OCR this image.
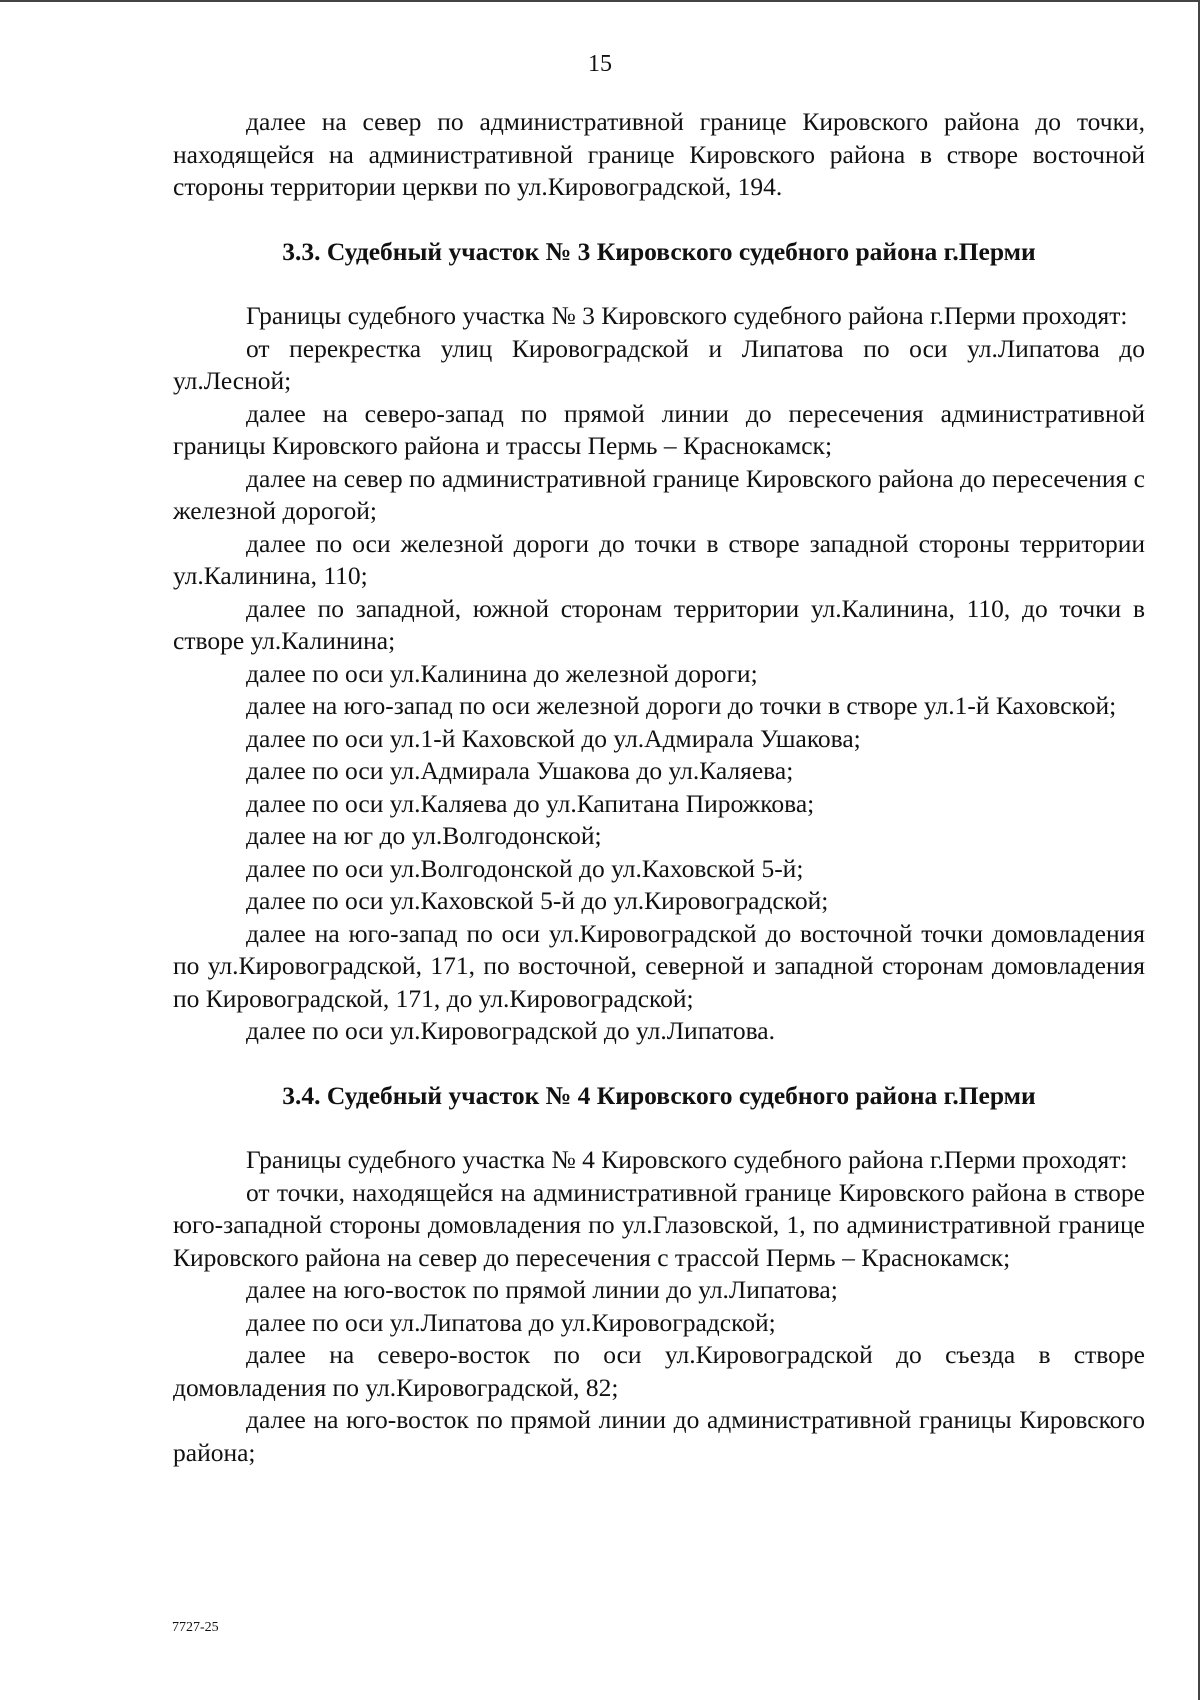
15

далее на север по административной границе Кировского района до точки, находящейся на административной границе Кировского района в створе восточной стороны территории церкви по ул.Кировоградской, 194.

3.3. Судебный участок № 3 Кировского судебного района г.Перми

Границы судебного участка № 3 Кировского судебного района г.Перми проходят:

от перекрестка улиц Кировоградской и Липатова по оси ул.Липатова до ул.Лесной;

далее на северо-запад по прямой линии до пересечения административной границы Кировского района и трассы Пермь – Краснокамск;

далее на север по административной границе Кировского района до пересечения с железной дорогой;

далее по оси железной дороги до точки в створе западной стороны территории ул.Калинина, 110;

далее по западной, южной сторонам территории ул.Калинина, 110, до точки в створе ул.Калинина;

далее по оси ул.Калинина до железной дороги;

далее на юго-запад по оси железной дороги до точки в створе ул.1-й Каховской;

далее по оси ул.1-й Каховской до ул.Адмирала Ушакова;

далее по оси ул.Адмирала Ушакова до ул.Каляева;

далее по оси ул.Каляева до ул.Капитана Пирожкова;

далее на юг до ул.Волгодонской;

далее по оси ул.Волгодонской до ул.Каховской 5-й;

далее по оси ул.Каховской 5-й до ул.Кировоградской;

далее на юго-запад по оси ул.Кировоградской до восточной точки домовладения по ул.Кировоградской, 171, по восточной, северной и западной сторонам домовладения по Кировоградской, 171, до ул.Кировоградской;

далее по оси ул.Кировоградской до ул.Липатова.

3.4. Судебный участок № 4 Кировского судебного района г.Перми

Границы судебного участка № 4 Кировского судебного района г.Перми проходят:

от точки, находящейся на административной границе Кировского района в створе юго-западной стороны домовладения по ул.Глазовской, 1, по административной границе Кировского района на север до пересечения с трассой Пермь – Краснокамск;

далее на юго-восток по прямой линии до ул.Липатова;

далее по оси ул.Липатова до ул.Кировоградской;

далее на северо-восток по оси ул.Кировоградской до съезда в створе домовладения по ул.Кировоградской, 82;

далее на юго-восток по прямой линии до административной границы Кировского района;

7727-25
